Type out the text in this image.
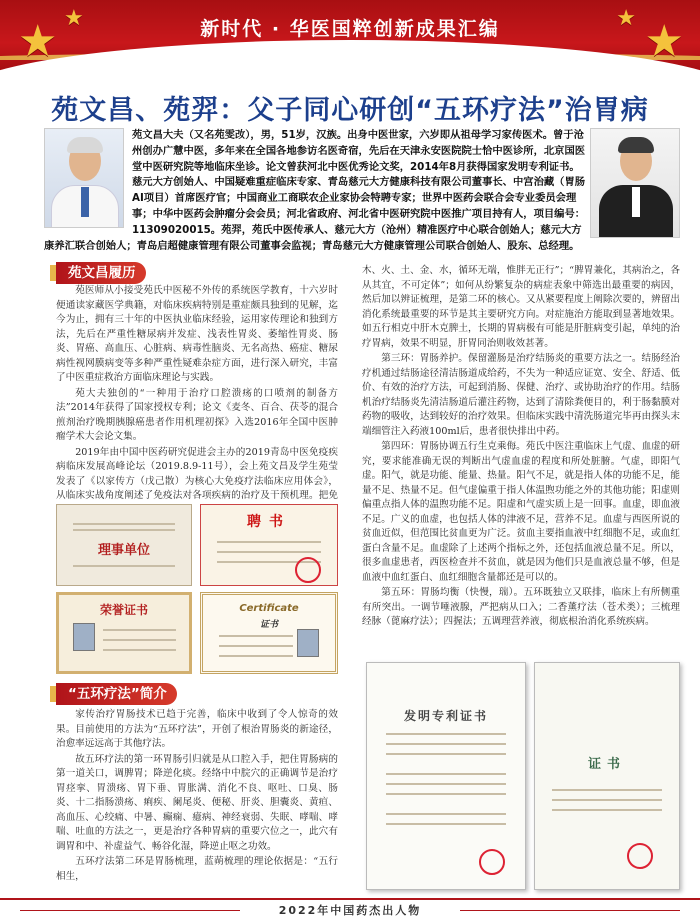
★ ★	★
★
新时代 · 华医国粹创新成果汇编
苑文昌、苑羿：父子同心研创“五环疗法”治胃病
苑文昌大夫（又名苑雯妀），男，51岁，汉族。出身中医世家，六岁即从祖母学习家传医术。曾于沧州创办广慧中医，多年来在全国各地参访名医奇宿，先后在天津永安医院院士恰中医诊所，北京国医堂中医研究院等地临床坐诊。论文曾获河北中医优秀论文奖，2014年8月获得国家发明专利证书。慈元大方创始人、中国疑难重症临床专家、青岛慈元大方健康科技有限公司董事长、中宫治藏（胃肠AI项目）首席医疗官；中国商业工商联农企业家协会特聘专家；世界中医药会联合会专业委员会理事；中华中医药会肿瘤分会会员；河北省政府、河北省中医研究院中医推广项目持有人，项目编号：11309020015。苑羿，苑氏中医传承人、慈元大方（沧州）精准医疗中心联合创始人；慈元大方康养汇联合创始人；青岛启超健康管理有限公司董事会监视；青岛慈元大方健康管理公司联合创始人、股东、总经理。
苑文昌履历

苑医师从小接受苑氏中医秘不外传的系统医学教育，十六岁时便通读家藏医学典籍，对临床疾病特别是重症颇具独到的见解，迄今为止，拥有三十年的中医执业临床经验，运用家传理论和独到方法，先后在严重性糖尿病并发症、浅表性胃炎、萎缩性胃炎、肠炎、胃癌、高血压、心脏病、病毒性脑炎、无名高热、癌症、糖尿病性视网膜病变等多种严重性疑难杂症方面，进行深入研究，丰富了中医重症救治方面临床理论与实践。

苑大夫独创的“一种用于治疗口腔溃疡的口喷剂的制备方法”2014年获得了国家授权专利；论文《麦冬、百合、茯苓的混合煎剂治疗晚期胰腺癌患者作用机理初探》入选2016年全国中医肿瘤学术大会论文集。

2019年由中国中医药研究促进会主办的2019青岛中医免疫疾病临床发展高峰论坛（2019.8.9-11号），会上苑文昌及学生苑莹发表了《以家传方（戊己散）为核心大免疫疗法临床应用体会》，从临床实战角度阐述了免疫法对各项疾病的治疗及干预机理。把免

理事单位
聘书
荣誉证书	Certificate
证书
“五环疗法”简介

家传治疗胃肠技术已趋于完善，临床中收到了令人惊奇的效果。目前使用的方法为“五环疗法”，开创了根治胃肠炎的新途径，治愈率远远高于其他疗法。

故五环疗法的第一环胃肠引归就是从口腔入手，把住胃肠病的第一道关口，调脾胃；降逆化痰。经络中中脘穴的正确调节是治疗胃痉挛、胃溃疡、胃下垂、胃胀满、消化不良、呕吐、口臭、肠炎、十二指肠溃疡、痢疾、阑尾炎、便秘、肝炎、胆囊炎、黄疸、高血压、心绞痛、中暑、癫痫、癔病、神经衰弱、失眠、哮喘、哮喘、吐血的方法之一，更是治疗各种胃病的重要穴位之一，此穴有调胃和中、补虚益气、畅谷化湿，降逆止呕之功效。

五环疗法第二环是胃肠梳理，蓝蒴梳理的理论依据是：“五行相生，

木、火、土、金、水，循环无端，惟胖无正行”；“脾胃兼化，其病治之，各从其宜，不可定体”；如何从纷繁复杂的病症表象中筛选出最重要的病因，然后加以辨证梳理，是第二环的核心。又从紧要程度上阐除次要的，辨留出消化系统最重要的环节是其主要研究方向。对症施治方能取到显著地效果。如五行相克中肝木克脾土，长期的胃病极有可能是肝脏病变引起，单纯的治疗胃病，效果不明显，肝胃同治则收效甚著。

第三环：胃肠养护。保留灌肠是治疗结肠炎的重要方法之一。结肠经治疗机通过结肠途径清洁肠道成给药，不失为一种适应证宽、安全、舒适、低价、有效的治疗方法，可起到消肠、保健、治疗、或协助治疗的作用。结肠机治疗结肠炎先清洁肠道后灌注药物，达到了清除粪便目的，利于肠黏膜对药物的吸收，达到较好的治疗效果。但临床实践中清洗肠道完毕再由探头末端细管注入药液100ml后，患者很快排出中药。

第四环：胃肠协调五行生克乘侮。苑氏中医注重临床上气虚、血虚的研究，要求能准确无误的判断出气虚血虚的程度和所处脏腑。气虚，即阳气虚。阳气，就是功能、能量、热量。阳气不足，就是指人体的功能不足，能量不足、热量不足。但气虚偏重于指人体温煦功能之外的其他功能；阳虚则偏重点指人体的温煦功能不足。阳虚和气虚实质上是一回事。血虚，即血液不足。广义的血虚，也包括人体的津液不足，营养不足。血虚与西医所说的贫血近似，但范围比贫血更为广泛。贫血主要指血液中红细胞不足，或血红蛋白含量不足。血虚除了上述两个指标之外，还包括血液总量不足。所以，很多血虚患者，西医检查并不贫血，就是因为他们只是血液总量不够，但是血液中血红蛋白、血红细胞含量都还是可以的。

第五环：胃肠均衡（快慢，瑞）。五环既独立又联排，临床上有所侧重有所突出。一调节唾液腺，严把病从口入；二香薰疗法（苍术类）；三梳理经脉（蓖麻疗法）；四握法；五调理营养液，彻底根治消化系统疾病。

发明专利证书
证书
2022年中国药杰出人物
